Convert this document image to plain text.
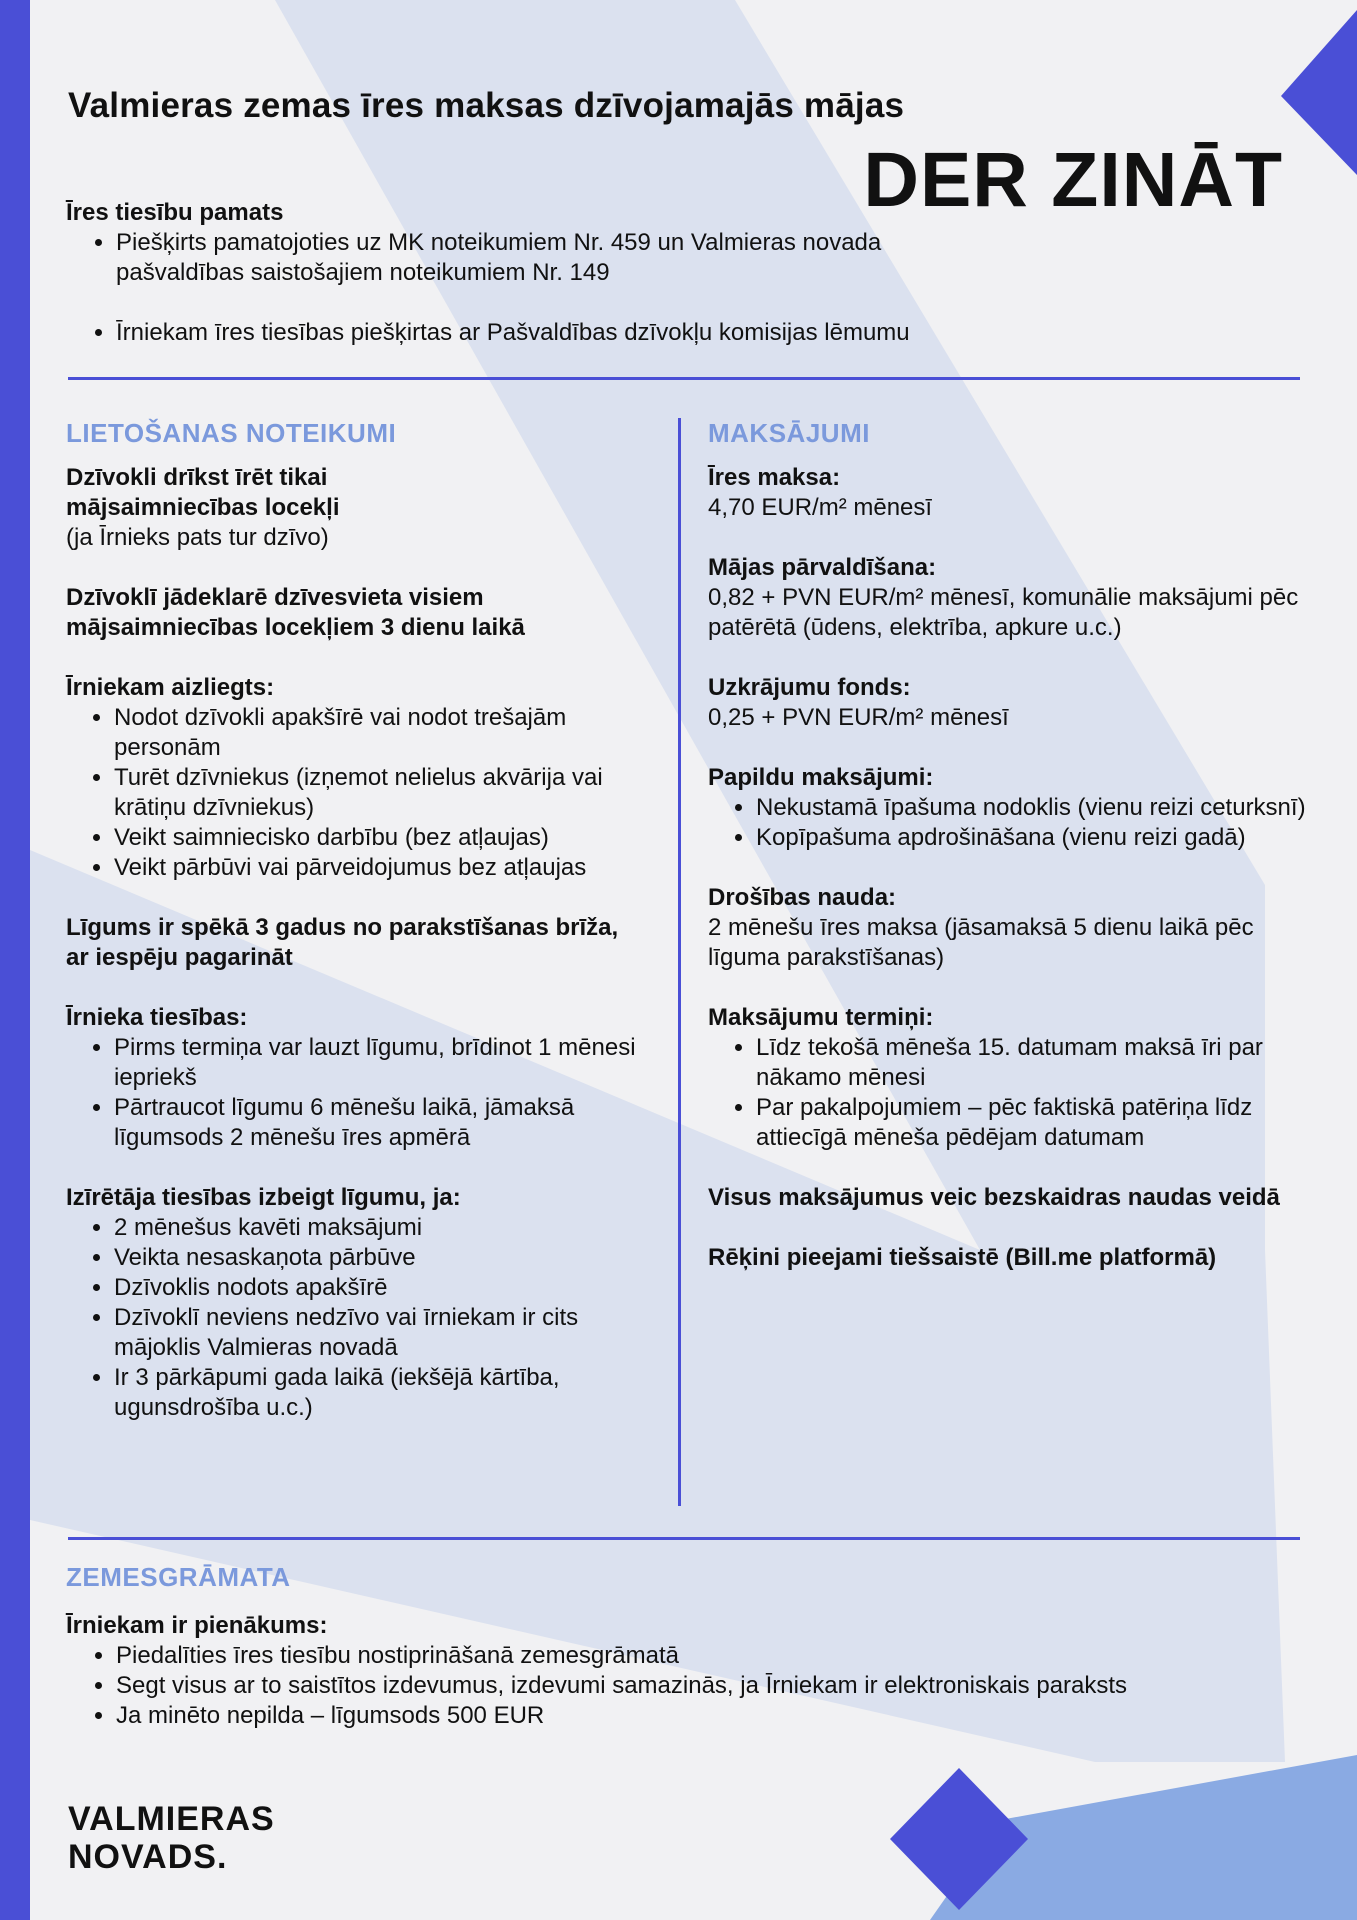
Valmieras zemas īres maksas dzīvojamajās mājas
DER ZINĀT
Īres tiesību pamats
• Piešķirts pamatojoties uz MK noteikumiem Nr. 459 un Valmieras novada pašvaldības saistošajiem noteikumiem Nr. 149
• Īrniekam īres tiesības piešķirtas ar Pašvaldības dzīvokļu komisijas lēmumu
LIETOŠANAS NOTEIKUMI
Dzīvokli drīkst īrēt tikai mājsaimniecības locekļi
(ja Īrnieks pats tur dzīvo)
Dzīvoklī jādeklarē dzīvesvieta visiem mājsaimniecības locekļiem 3 dienu laikā
Īrniekam aizliegts:
• Nodot dzīvokli apakšīrē vai nodot trešajām personām
• Turēt dzīvniekus (izņemot nelielus akvārija vai krātiņu dzīvniekus)
• Veikt saimniecisko darbību (bez atļaujas)
• Veikt pārbūvi vai pārveidojumus bez atļaujas
Līgums ir spēkā 3 gadus no parakstīšanas brīža, ar iespēju pagarināt
Īrnieka tiesības:
• Pirms termiņa var lauzt līgumu, brīdinot 1 mēnesi iepriekš
• Pārtraucot līgumu 6 mēnešu laikā, jāmaksā līgumsods 2 mēnešu īres apmērā
Izīrētāja tiesības izbeigt līgumu, ja:
• 2 mēnešus kavēti maksājumi
• Veikta nesaskaņota pārbūve
• Dzīvoklis nodots apakšīrē
• Dzīvoklī neviens nedzīvo vai īrniekam ir cits mājoklis Valmieras novadā
• Ir 3 pārkāpumi gada laikā (iekšējā kārtība, ugunsdrošība u.c.)
MAKSĀJUMI
Īres maksa:
4,70 EUR/m² mēnesī
Mājas pārvaldīšana:
0,82 + PVN EUR/m² mēnesī, komunālie maksājumi pēc patērētā (ūdens, elektrība, apkure u.c.)
Uzkrājumu fonds:
0,25 + PVN EUR/m² mēnesī
Papildu maksājumi:
• Nekustamā īpašuma nodoklis (vienu reizi ceturksnī)
• Kopīpašuma apdrošināšana (vienu reizi gadā)
Drošības nauda:
2 mēnešu īres maksa (jāsamaksā 5 dienu laikā pēc līguma parakstīšanas)
Maksājumu termiņi:
• Līdz tekošā mēneša 15. datumam maksā īri par nākamo mēnesi
• Par pakalpojumiem – pēc faktiskā patēriņa līdz attiecīgā mēneša pēdējam datumam
Visus maksājumus veic bezskaidras naudas veidā
Rēķini pieejami tiešsaistē (Bill.me platformā)
ZEMESGRĀMATA
Īrniekam ir pienākums:
• Piedalīties īres tiesību nostiprināšanā zemesgrāmatā
• Segt visus ar to saistītos izdevumus, izdevumi samazinās, ja Īrniekam ir elektroniskais paraksts
• Ja minēto nepilda – līgumsods 500 EUR
VALMIERAS
NOVADS.
